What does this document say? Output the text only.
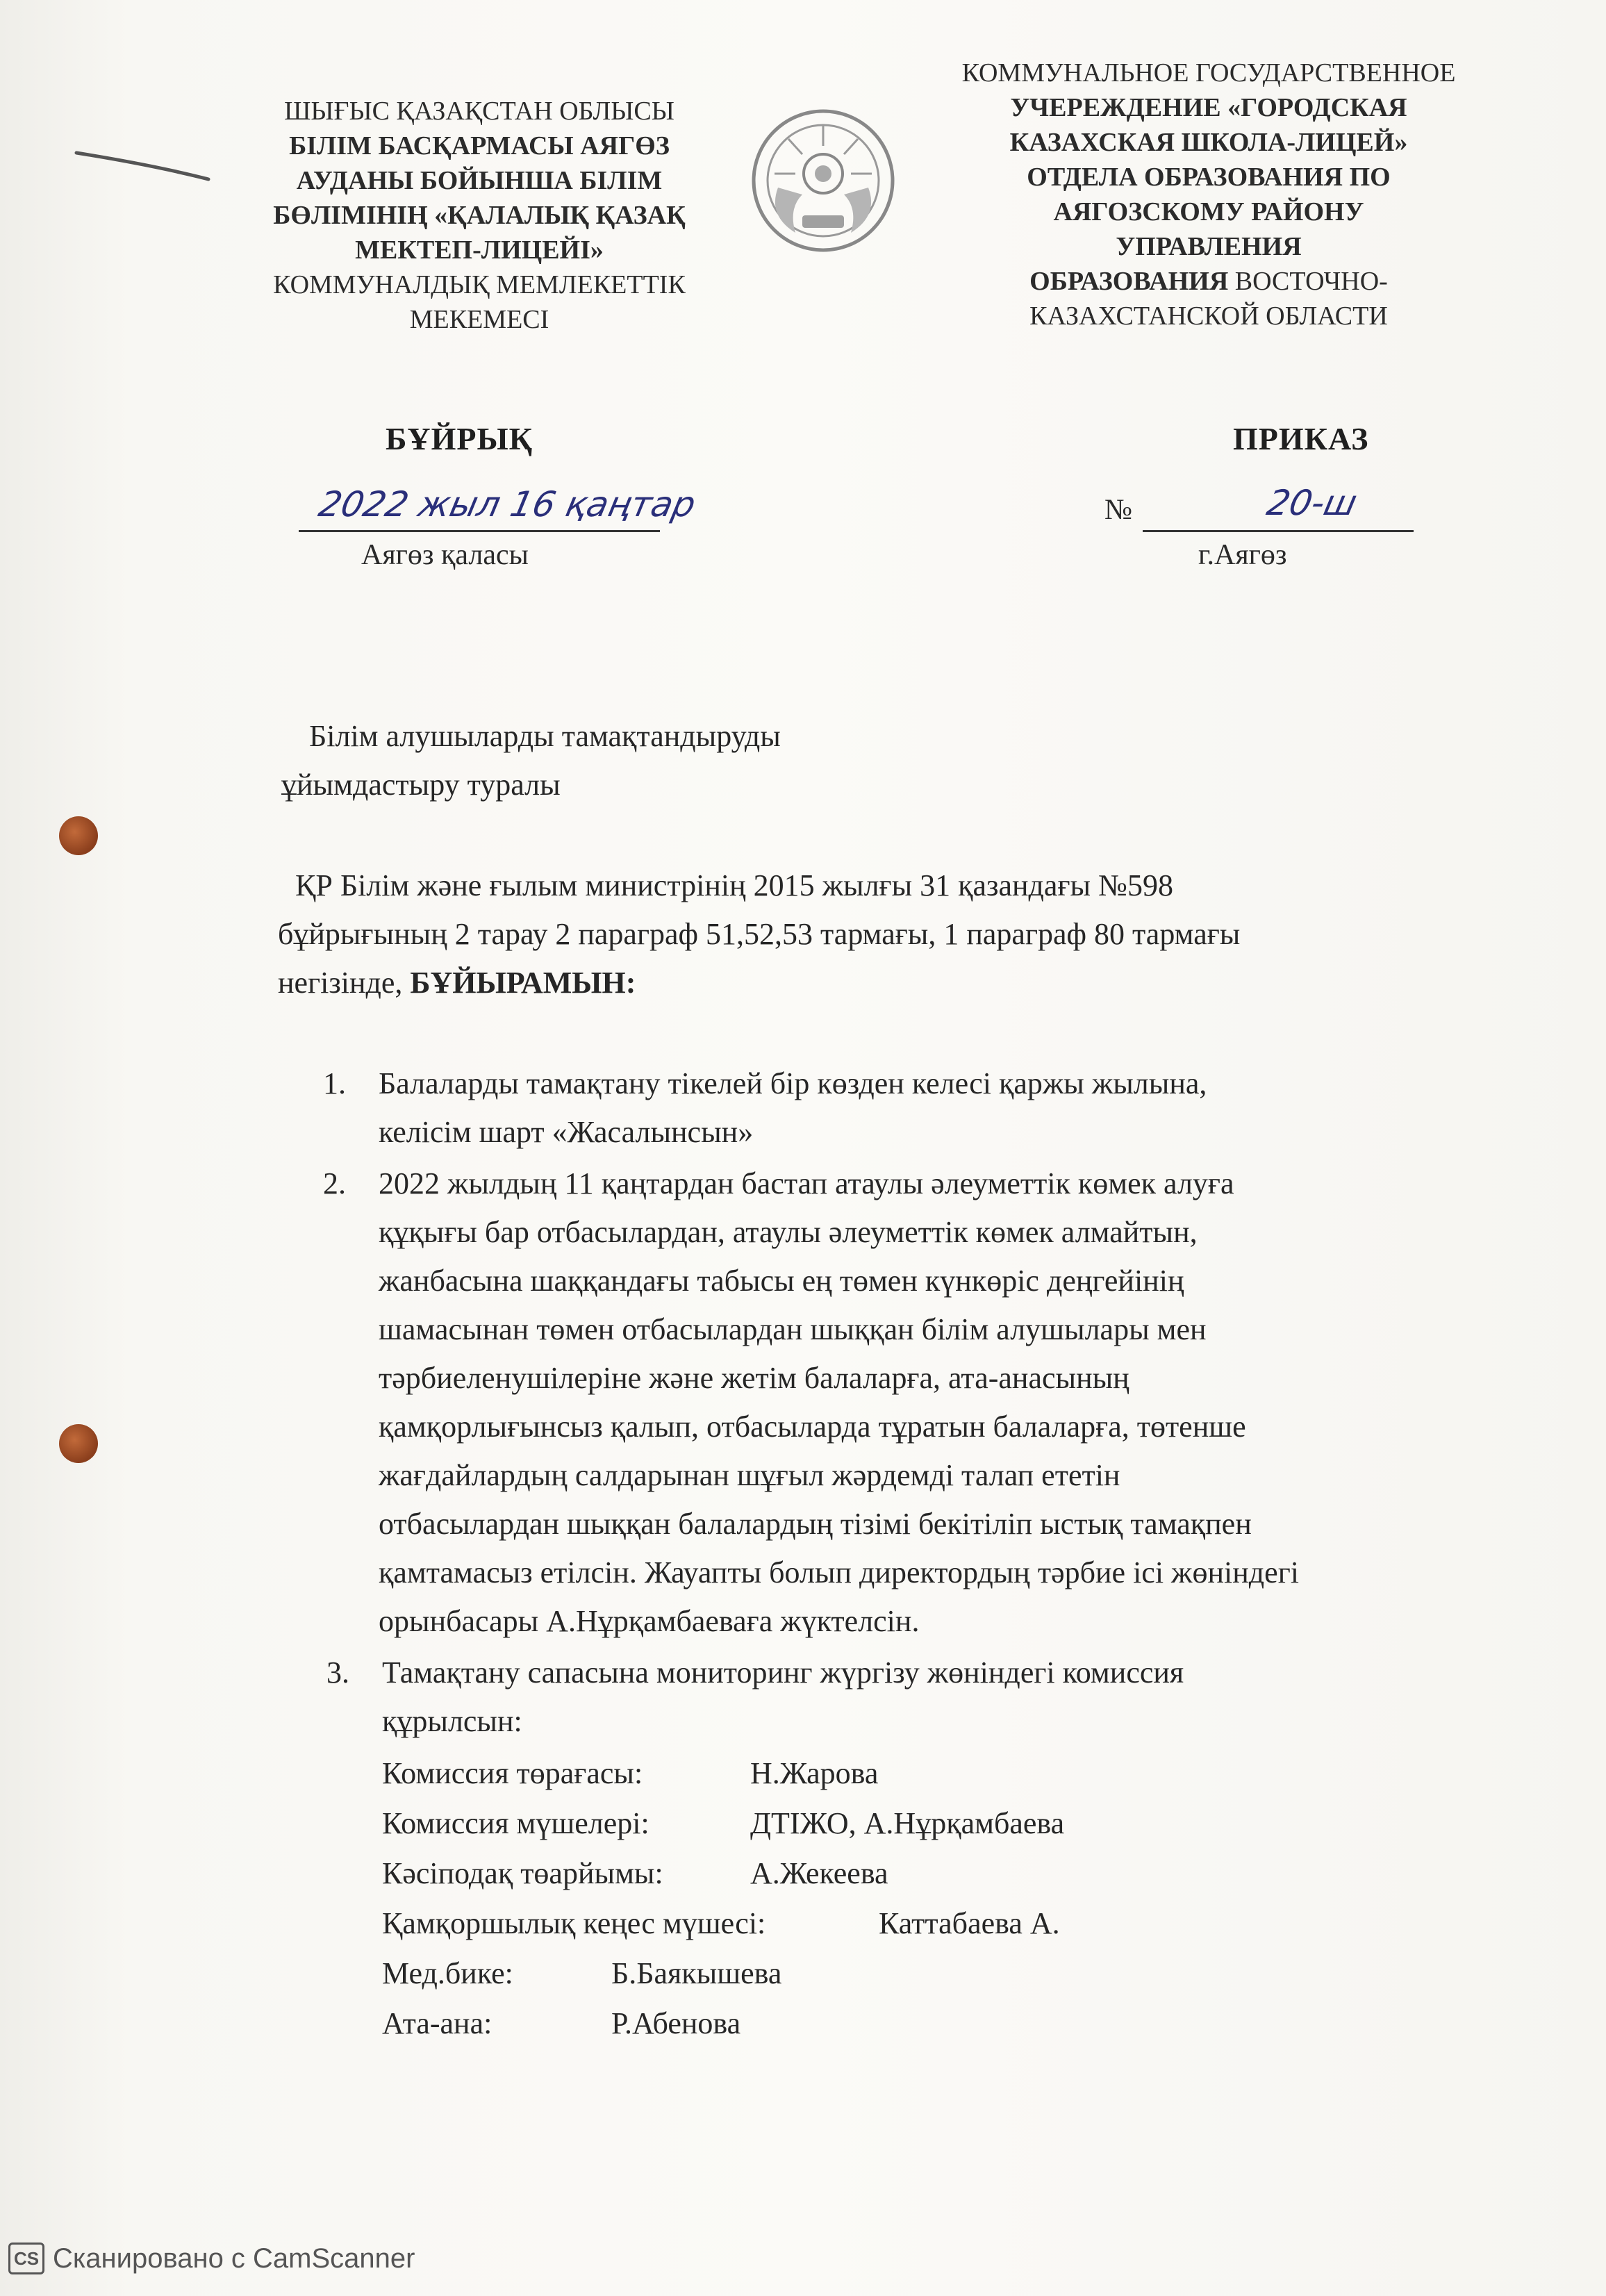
ШЫҒЫС ҚАЗАҚСТАН ОБЛЫСЫ
БІЛІМ БАСҚАРМАСЫ АЯГӨЗ
АУДАНЫ БОЙЫНША БІЛІМ
БӨЛІМІНІҢ «ҚАЛАЛЫҚ ҚАЗАҚ
МЕКТЕП-ЛИЦЕЙІ»
КОММУНАЛДЫҚ МЕМЛЕКЕТТІК
МЕКЕМЕСІ
КОММУНАЛЬНОЕ ГОСУДАРСТВЕННОЕ
УЧЕРЕЖДЕНИЕ «ГОРОДСКАЯ
КАЗАХСКАЯ ШКОЛА-ЛИЦЕЙ»
ОТДЕЛА ОБРАЗОВАНИЯ ПО
АЯГОЗСКОМУ РАЙОНУ
УПРАВЛЕНИЯ
ОБРАЗОВАНИЯ ВОСТОЧНО-
КАЗАХСТАНСКОЙ ОБЛАСТИ
БҰЙРЫҚ	ПРИКАЗ
2022 жыл 16 қаңтар	№	20-ш
Аягөз қаласы	г.Аягөз
Білім алушыларды тамақтандыруды
ұйымдастыру туралы
ҚР Білім және ғылым министрінің 2015 жылғы 31 қазандағы №598
бұйрығының 2 тарау 2 параграф 51,52,53 тармағы, 1 параграф 80 тармағы
негізінде, БҰЙЫРАМЫН:
1. Балаларды тамақтану тікелей бір көзден келесі қаржы жылына,
келісім шарт «Жасалынсын»
2. 2022 жылдың 11 қаңтардан бастап атаулы әлеуметтік көмек алуға
құқығы бар отбасылардан, атаулы әлеуметтік көмек алмайтын,
жанбасына шаққандағы табысы ең төмен күнкөріс деңгейінің
шамасынан төмен отбасылардан шыққан білім алушылары мен
тәрбиеленушілеріне және жетім балаларға, ата-анасының
қамқорлығынсыз қалып, отбасыларда тұратын балаларға, төтенше
жағдайлардың салдарынан шұғыл жәрдемді талап ететін
отбасылардан шыққан балалардың тізімі бекітіліп ыстық тамақпен
қамтамасыз етілсін. Жауапты болып директордың тәрбие ісі жөніндегі
орынбасары А.Нұрқамбаеваға жүктелсін.
3. Тамақтану сапасына мониторинг жүргізу жөніндегі комиссия
құрылсын:
Комиссия төрағасы:	Н.Жарова
Комиссия мүшелері:	ДТІЖО, А.Нұрқамбаева
Кәсіподақ төарйымы:	А.Жекеева
Қамқоршылық кеңес мүшесі:	Каттабаева А.
Мед.бике:	Б.Баякышева
Ата-ана:	Р.Абенова
CS Сканировано с CamScanner
